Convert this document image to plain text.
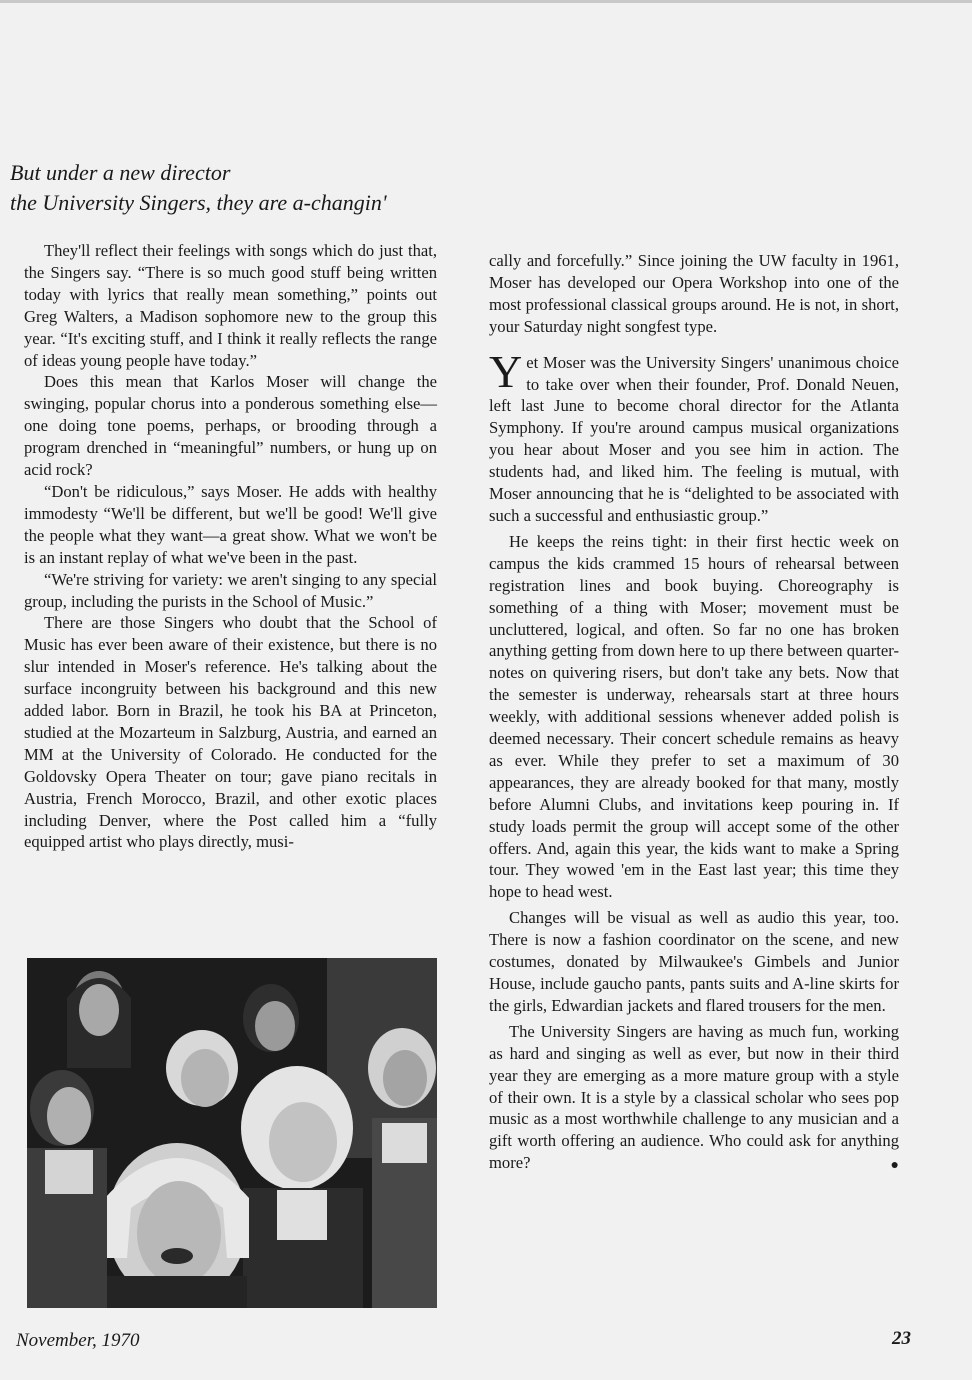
But under a new director
the University Singers, they are a-changin'

They'll reflect their feelings with songs which do just that, the Singers say. “There is so much good stuff being written today with lyrics that really mean something,” points out Greg Walters, a Madison sophomore new to the group this year. “It's exciting stuff, and I think it really reflects the range of ideas young people have today.”

Does this mean that Karlos Moser will change the swinging, popular chorus into a ponderous something else—one doing tone poems, perhaps, or brooding through a program drenched in “meaningful” numbers, or hung up on acid rock?

“Don't be ridiculous,” says Moser. He adds with healthy immodesty “We'll be different, but we'll be good! We'll give the people what they want—a great show. What we won't be is an instant replay of what we've been in the past.

“We're striving for variety: we aren't singing to any special group, including the purists in the School of Music.”

There are those Singers who doubt that the School of Music has ever been aware of their existence, but there is no slur intended in Moser's reference. He's talking about the surface incongruity between his background and this new added labor. Born in Brazil, he took his BA at Princeton, studied at the Mozarteum in Salzburg, Austria, and earned an MM at the University of Colorado. He conducted for the Goldovsky Opera Theater on tour; gave piano recitals in Austria, French Morocco, Brazil, and other exotic places including Denver, where the Post called him a “fully equipped artist who plays directly, musi-

cally and forcefully.” Since joining the UW faculty in 1961, Moser has developed our Opera Workshop into one of the most professional classical groups around. He is not, in short, your Saturday night songfest type.

Yet Moser was the University Singers' unanimous choice to take over when their founder, Prof. Donald Neuen, left last June to become choral director for the Atlanta Symphony. If you're around campus musical organizations you hear about Moser and you see him in action. The students had, and liked him. The feeling is mutual, with Moser announcing that he is “delighted to be associated with such a successful and enthusiastic group.”

He keeps the reins tight: in their first hectic week on campus the kids crammed 15 hours of rehearsal between registration lines and book buying. Choreography is something of a thing with Moser; movement must be uncluttered, logical, and often. So far no one has broken anything getting from down here to up there between quarter-notes on quivering risers, but don't take any bets. Now that the semester is underway, rehearsals start at three hours weekly, with additional sessions whenever added polish is deemed necessary. Their concert schedule remains as heavy as ever. While they prefer to set a maximum of 30 appearances, they are already booked for that many, mostly before Alumni Clubs, and invitations keep pouring in. If study loads permit the group will accept some of the other offers. And, again this year, the kids want to make a Spring tour. They wowed 'em in the East last year; this time they hope to head west.

Changes will be visual as well as audio this year, too. There is now a fashion coordinator on the scene, and new costumes, donated by Milwaukee's Gimbels and Junior House, include gaucho pants, pants suits and A-line skirts for the girls, Edwardian jackets and flared trousers for the men.

The University Singers are having as much fun, working as hard and singing as well as ever, but now in their third year they are emerging as a more mature group with a style of their own. It is a style by a classical scholar who sees pop music as a most worthwhile challenge to any musician and a gift worth offering an audience. Who could ask for anything more?	●

November, 1970	23
